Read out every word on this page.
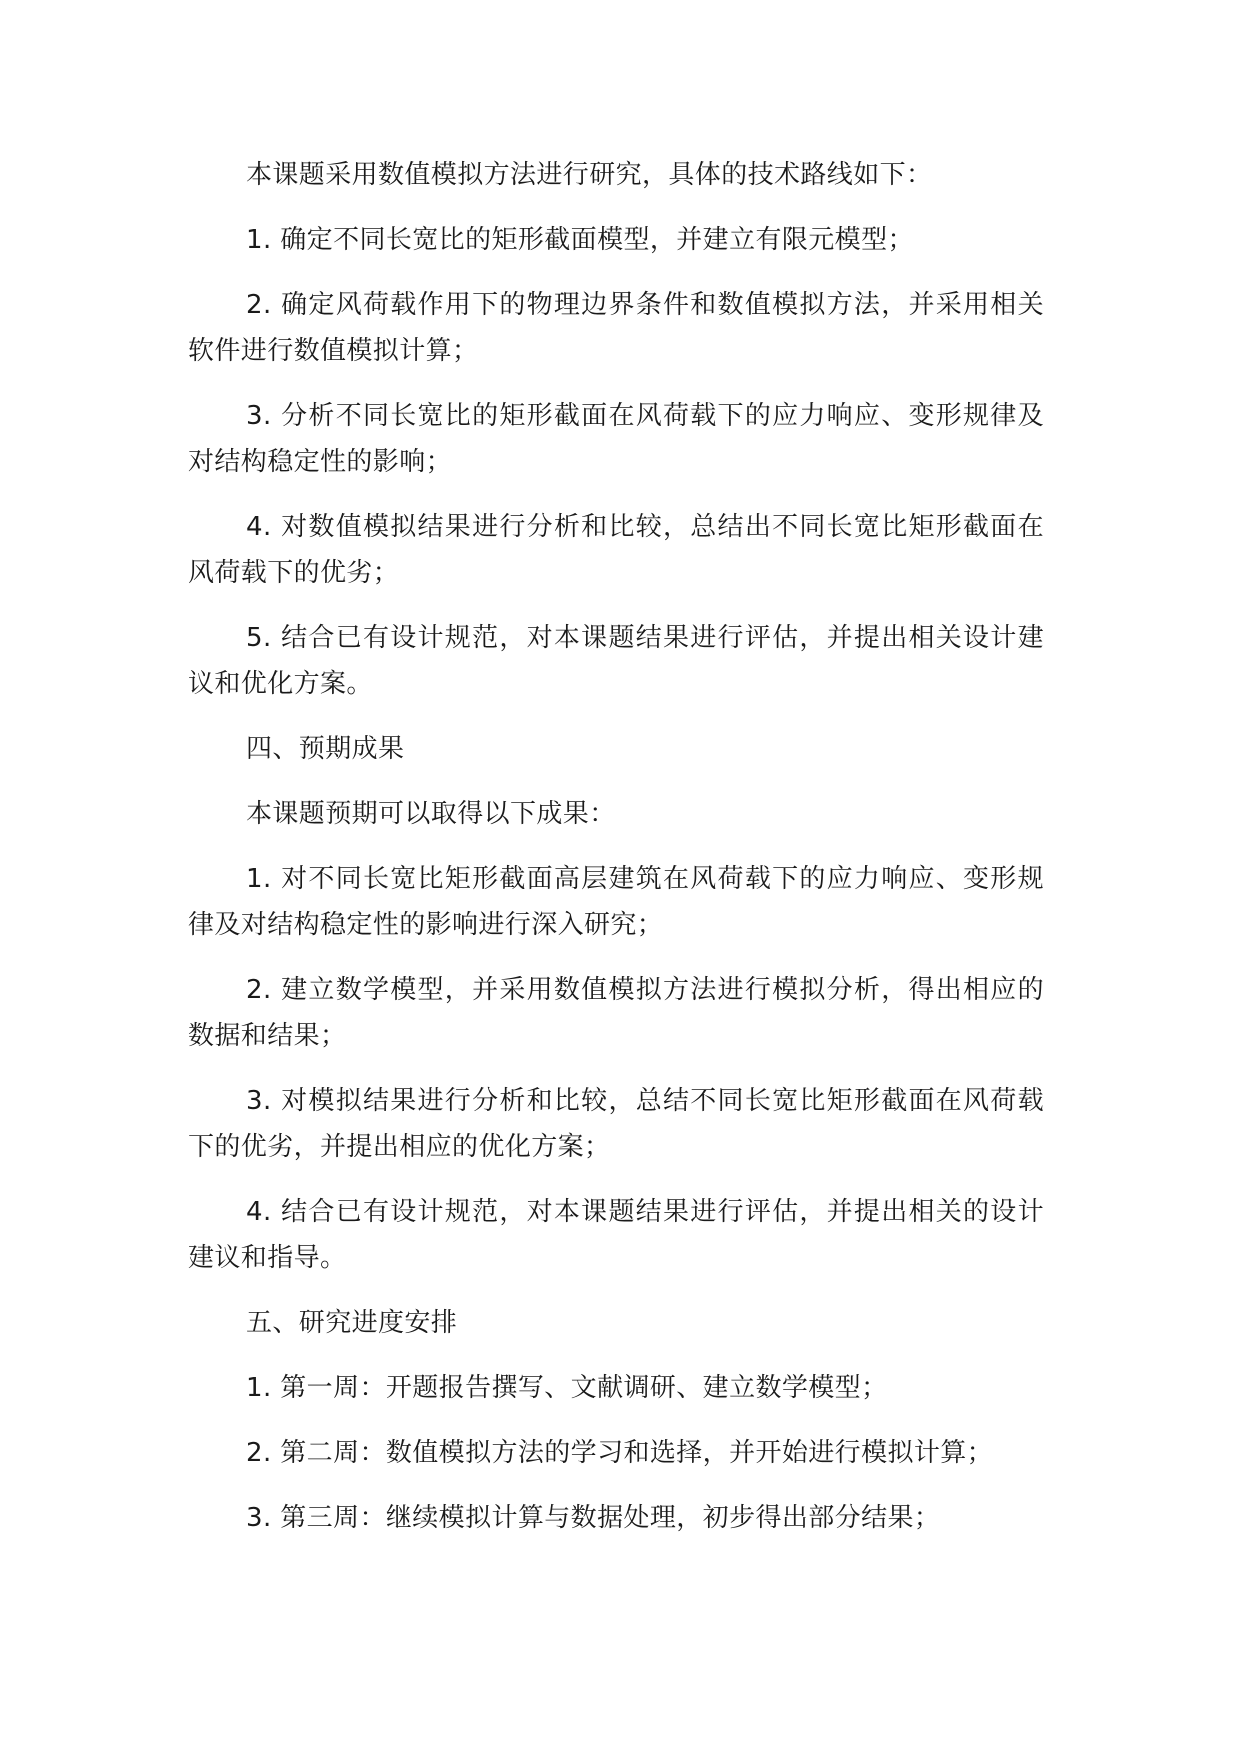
本课题采用数值模拟方法进行研究，具体的技术路线如下：

1. 确定不同长宽比的矩形截面模型，并建立有限元模型；

2. 确定风荷载作用下的物理边界条件和数值模拟方法，并采用相关软件进行数值模拟计算；

3. 分析不同长宽比的矩形截面在风荷载下的应力响应、变形规律及对结构稳定性的影响；

4. 对数值模拟结果进行分析和比较，总结出不同长宽比矩形截面在风荷载下的优劣；

5. 结合已有设计规范，对本课题结果进行评估，并提出相关设计建议和优化方案。

四、预期成果

本课题预期可以取得以下成果：

1. 对不同长宽比矩形截面高层建筑在风荷载下的应力响应、变形规律及对结构稳定性的影响进行深入研究；

2. 建立数学模型，并采用数值模拟方法进行模拟分析，得出相应的数据和结果；

3. 对模拟结果进行分析和比较，总结不同长宽比矩形截面在风荷载下的优劣，并提出相应的优化方案；

4. 结合已有设计规范，对本课题结果进行评估，并提出相关的设计建议和指导。

五、研究进度安排

1. 第一周：开题报告撰写、文献调研、建立数学模型；

2. 第二周：数值模拟方法的学习和选择，并开始进行模拟计算；

3. 第三周：继续模拟计算与数据处理，初步得出部分结果；
